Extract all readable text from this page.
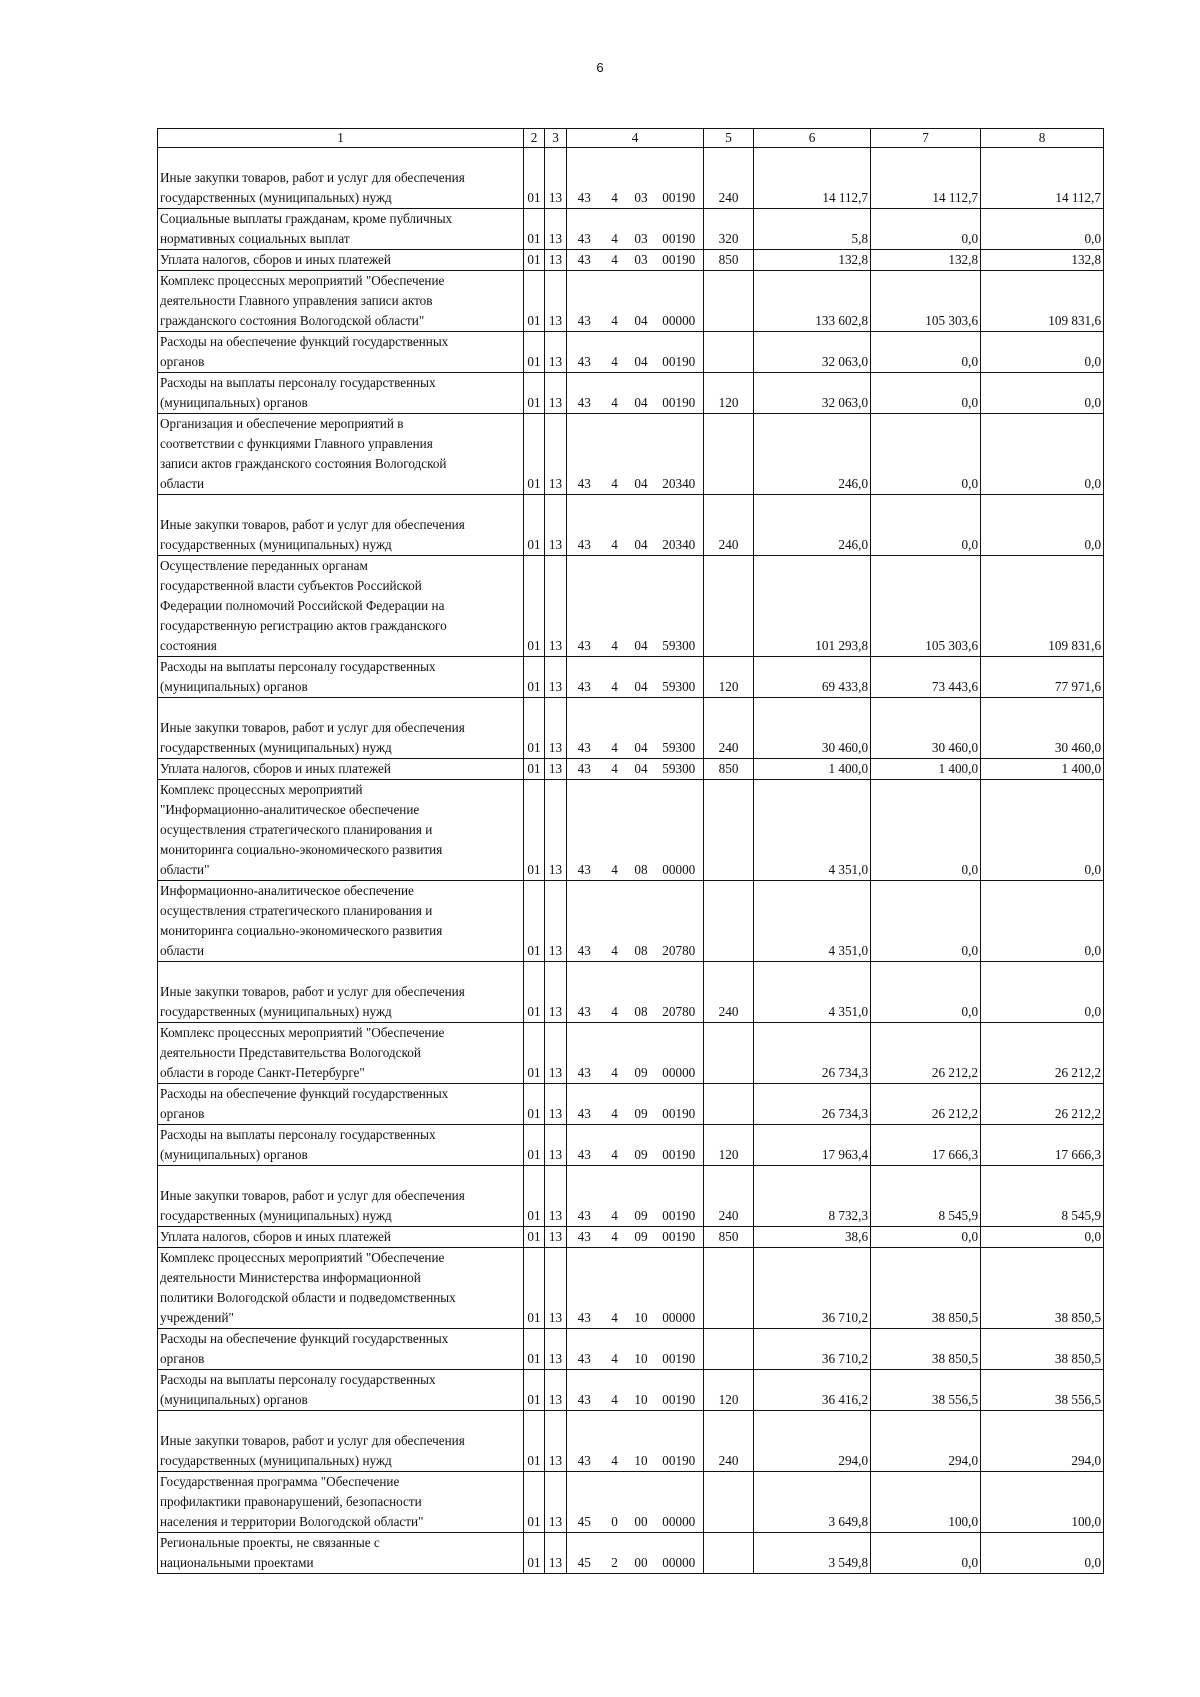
6
1	2	3	4				5	6	7	8

Иные закупки товаров, работ и услуг для обеспечения
государственных (муниципальных) нужд	01	13	43	4	03	00190	240	14 112,7	14 112,7	14 112,7

Социальные выплаты гражданам, кроме публичных
нормативных социальных выплат	01	13	43	4	03	00190	320	5,8	0,0	0,0

Уплата налогов, сборов и иных платежей	01	13	43	4	03	00190	850	132,8	132,8	132,8

Комплекс процессных мероприятий "Обеспечение
деятельности Главного управления записи актов
гражданского состояния Вологодской области"	01	13	43	4	04	00000		133 602,8	105 303,6	109 831,6

Расходы на обеспечение функций государственных
органов	01	13	43	4	04	00190		32 063,0	0,0	0,0

Расходы на выплаты персоналу государственных
(муниципальных) органов	01	13	43	4	04	00190	120	32 063,0	0,0	0,0

Организация и обеспечение мероприятий в
соответствии с функциями Главного управления
записи актов гражданского состояния Вологодской
области	01	13	43	4	04	20340		246,0	0,0	0,0

Иные закупки товаров, работ и услуг для обеспечения
государственных (муниципальных) нужд	01	13	43	4	04	20340	240	246,0	0,0	0,0

Осуществление переданных органам
государственной власти субъектов Российской
Федерации полномочий Российской Федерации на
государственную регистрацию актов гражданского
состояния	01	13	43	4	04	59300		101 293,8	105 303,6	109 831,6

Расходы на выплаты персоналу государственных
(муниципальных) органов	01	13	43	4	04	59300	120	69 433,8	73 443,6	77 971,6

Иные закупки товаров, работ и услуг для обеспечения
государственных (муниципальных) нужд	01	13	43	4	04	59300	240	30 460,0	30 460,0	30 460,0

Уплата налогов, сборов и иных платежей	01	13	43	4	04	59300	850	1 400,0	1 400,0	1 400,0

Комплекс процессных мероприятий
"Информационно-аналитическое обеспечение
осуществления стратегического планирования и
мониторинга социально-экономического развития
области"	01	13	43	4	08	00000		4 351,0	0,0	0,0

Информационно-аналитическое обеспечение
осуществления стратегического планирования и
мониторинга социально-экономического развития
области	01	13	43	4	08	20780		4 351,0	0,0	0,0

Иные закупки товаров, работ и услуг для обеспечения
государственных (муниципальных) нужд	01	13	43	4	08	20780	240	4 351,0	0,0	0,0

Комплекс процессных мероприятий "Обеспечение
деятельности Представительства Вологодской
области в городе Санкт-Петербурге"	01	13	43	4	09	00000		26 734,3	26 212,2	26 212,2

Расходы на обеспечение функций государственных
органов	01	13	43	4	09	00190		26 734,3	26 212,2	26 212,2

Расходы на выплаты персоналу государственных
(муниципальных) органов	01	13	43	4	09	00190	120	17 963,4	17 666,3	17 666,3

Иные закупки товаров, работ и услуг для обеспечения
государственных (муниципальных) нужд	01	13	43	4	09	00190	240	8 732,3	8 545,9	8 545,9

Уплата налогов, сборов и иных платежей	01	13	43	4	09	00190	850	38,6	0,0	0,0

Комплекс процессных мероприятий "Обеспечение
деятельности Министерства информационной
политики Вологодской области и подведомственных
учреждений"	01	13	43	4	10	00000		36 710,2	38 850,5	38 850,5

Расходы на обеспечение функций государственных
органов	01	13	43	4	10	00190		36 710,2	38 850,5	38 850,5

Расходы на выплаты персоналу государственных
(муниципальных) органов	01	13	43	4	10	00190	120	36 416,2	38 556,5	38 556,5

Иные закупки товаров, работ и услуг для обеспечения
государственных (муниципальных) нужд	01	13	43	4	10	00190	240	294,0	294,0	294,0

Государственная программа "Обеспечение
профилактики правонарушений, безопасности
населения и территории Вологодской области"	01	13	45	0	00	00000		3 649,8	100,0	100,0

Региональные проекты, не связанные с
национальными проектами	01	13	45	2	00	00000		3 549,8	0,0	0,0
